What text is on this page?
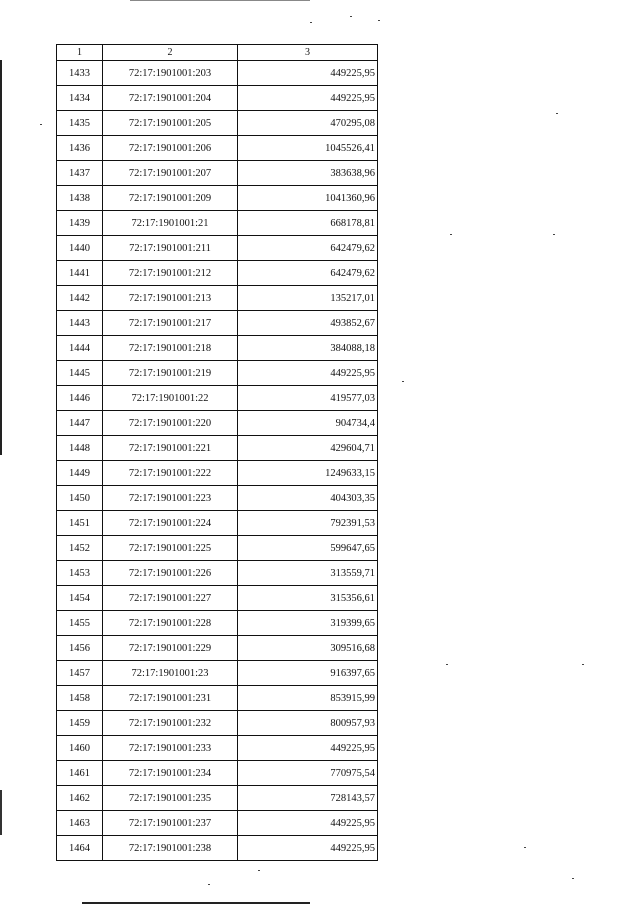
1	2	3
1433	72:17:1901001:203	449225,95
1434	72:17:1901001:204	449225,95
1435	72:17:1901001:205	470295,08
1436	72:17:1901001:206	1045526,41
1437	72:17:1901001:207	383638,96
1438	72:17:1901001:209	1041360,96
1439	72:17:1901001:21	668178,81
1440	72:17:1901001:211	642479,62
1441	72:17:1901001:212	642479,62
1442	72:17:1901001:213	135217,01
1443	72:17:1901001:217	493852,67
1444	72:17:1901001:218	384088,18
1445	72:17:1901001:219	449225,95
1446	72:17:1901001:22	419577,03
1447	72:17:1901001:220	904734,4
1448	72:17:1901001:221	429604,71
1449	72:17:1901001:222	1249633,15
1450	72:17:1901001:223	404303,35
1451	72:17:1901001:224	792391,53
1452	72:17:1901001:225	599647,65
1453	72:17:1901001:226	313559,71
1454	72:17:1901001:227	315356,61
1455	72:17:1901001:228	319399,65
1456	72:17:1901001:229	309516,68
1457	72:17:1901001:23	916397,65
1458	72:17:1901001:231	853915,99
1459	72:17:1901001:232	800957,93
1460	72:17:1901001:233	449225,95
1461	72:17:1901001:234	770975,54
1462	72:17:1901001:235	728143,57
1463	72:17:1901001:237	449225,95
1464	72:17:1901001:238	449225,95
